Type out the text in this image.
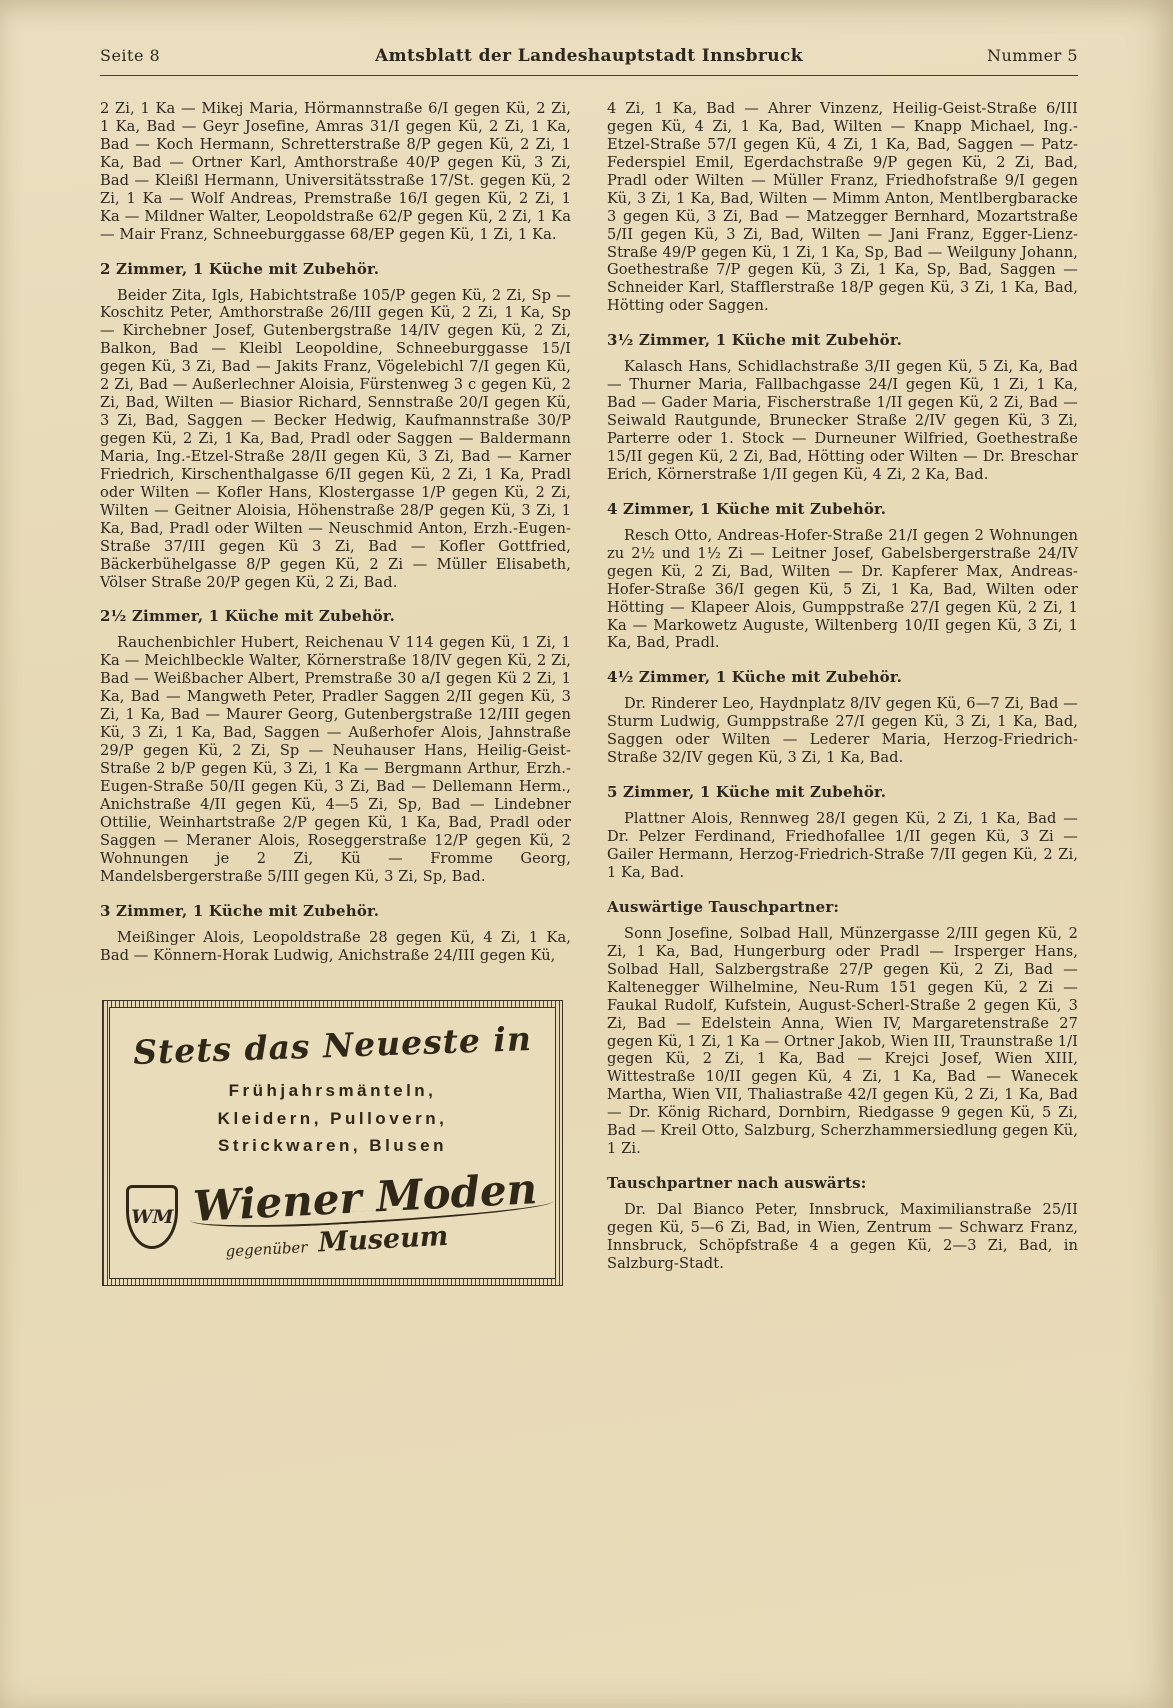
Seite 8	Amtsblatt der Landeshauptstadt Innsbruck	Nummer 5

2 Zi, 1 Ka — Mikej Maria, Hörmannstraße 6/I gegen Kü, 2 Zi, 1 Ka, Bad — Geyr Josefine, Amras 31/I gegen Kü, 2 Zi, 1 Ka, Bad — Koch Hermann, Schretterstraße 8/P gegen Kü, 2 Zi, 1 Ka, Bad — Ortner Karl, Amthorstraße 40/P gegen Kü, 3 Zi, Bad — Kleißl Hermann, Universitätsstraße 17/St. gegen Kü, 2 Zi, 1 Ka — Wolf Andreas, Premstraße 16/I gegen Kü, 2 Zi, 1 Ka — Mildner Walter, Leopoldstraße 62/P gegen Kü, 2 Zi, 1 Ka — Mair Franz, Schneeburggasse 68/EP gegen Kü, 1 Zi, 1 Ka.

2 Zimmer, 1 Küche mit Zubehör.

Beider Zita, Igls, Habichtstraße 105/P gegen Kü, 2 Zi, Sp — Koschitz Peter, Amthorstraße 26/III gegen Kü, 2 Zi, 1 Ka, Sp — Kirchebner Josef, Gutenbergstraße 14/IV gegen Kü, 2 Zi, Balkon, Bad — Kleibl Leopoldine, Schneeburggasse 15/I gegen Kü, 3 Zi, Bad — Jakits Franz, Vögelebichl 7/I gegen Kü, 2 Zi, Bad — Außerlechner Aloisia, Fürstenweg 3 c gegen Kü, 2 Zi, Bad, Wilten — Biasior Richard, Sennstraße 20/I gegen Kü, 3 Zi, Bad, Saggen — Becker Hedwig, Kaufmannstraße 30/P gegen Kü, 2 Zi, 1 Ka, Bad, Pradl oder Saggen — Baldermann Maria, Ing.-Etzel-Straße 28/II gegen Kü, 3 Zi, Bad — Karner Friedrich, Kirschenthalgasse 6/II gegen Kü, 2 Zi, 1 Ka, Pradl oder Wilten — Kofler Hans, Klostergasse 1/P gegen Kü, 2 Zi, Wilten — Geitner Aloisia, Höhenstraße 28/P gegen Kü, 3 Zi, 1 Ka, Bad, Pradl oder Wilten — Neuschmid Anton, Erzh.-Eugen-Straße 37/III gegen Kü 3 Zi, Bad — Kofler Gottfried, Bäckerbühelgasse 8/P gegen Kü, 2 Zi — Müller Elisabeth, Völser Straße 20/P gegen Kü, 2 Zi, Bad.

2½ Zimmer, 1 Küche mit Zubehör.

Rauchenbichler Hubert, Reichenau V 114 gegen Kü, 1 Zi, 1 Ka — Meichlbeckle Walter, Körnerstraße 18/IV gegen Kü, 2 Zi, Bad — Weißbacher Albert, Premstraße 30 a/I gegen Kü 2 Zi, 1 Ka, Bad — Mangweth Peter, Pradler Saggen 2/II gegen Kü, 3 Zi, 1 Ka, Bad — Maurer Georg, Gutenbergstraße 12/III gegen Kü, 3 Zi, 1 Ka, Bad, Saggen — Außerhofer Alois, Jahnstraße 29/P gegen Kü, 2 Zi, Sp — Neuhauser Hans, Heilig-Geist-Straße 2 b/P gegen Kü, 3 Zi, 1 Ka — Bergmann Arthur, Erzh.-Eugen-Straße 50/II gegen Kü, 3 Zi, Bad — Dellemann Herm., Anichstraße 4/II gegen Kü, 4—5 Zi, Sp, Bad — Lindebner Ottilie, Weinhartstraße 2/P gegen Kü, 1 Ka, Bad, Pradl oder Saggen — Meraner Alois, Roseggerstraße 12/P gegen Kü, 2 Wohnungen je 2 Zi, Kü — Fromme Georg, Mandelsbergerstraße 5/III gegen Kü, 3 Zi, Sp, Bad.

3 Zimmer, 1 Küche mit Zubehör.

Meißinger Alois, Leopoldstraße 28 gegen Kü, 4 Zi, 1 Ka, Bad — Könnern-Horak Ludwig, Anichstraße 24/III gegen Kü,

Stets das Neueste in
Frühjahrsmänteln,
Kleidern, Pullovern,
Strickwaren, Blusen
WM Wiener Moden
gegenüber Museum

4 Zi, 1 Ka, Bad — Ahrer Vinzenz, Heilig-Geist-Straße 6/III gegen Kü, 4 Zi, 1 Ka, Bad, Wilten — Knapp Michael, Ing.-Etzel-Straße 57/I gegen Kü, 4 Zi, 1 Ka, Bad, Saggen — Patz-Federspiel Emil, Egerdachstraße 9/P gegen Kü, 2 Zi, Bad, Pradl oder Wilten — Müller Franz, Friedhofstraße 9/I gegen Kü, 3 Zi, 1 Ka, Bad, Wilten — Mimm Anton, Mentlbergbaracke 3 gegen Kü, 3 Zi, Bad — Matzegger Bernhard, Mozartstraße 5/II gegen Kü, 3 Zi, Bad, Wilten — Jani Franz, Egger-Lienz-Straße 49/P gegen Kü, 1 Zi, 1 Ka, Sp, Bad — Weilguny Johann, Goethestraße 7/P gegen Kü, 3 Zi, 1 Ka, Sp, Bad, Saggen — Schneider Karl, Stafflerstraße 18/P gegen Kü, 3 Zi, 1 Ka, Bad, Hötting oder Saggen.

3½ Zimmer, 1 Küche mit Zubehör.

Kalasch Hans, Schidlachstraße 3/II gegen Kü, 5 Zi, Ka, Bad — Thurner Maria, Fallbachgasse 24/I gegen Kü, 1 Zi, 1 Ka, Bad — Gader Maria, Fischerstraße 1/II gegen Kü, 2 Zi, Bad — Seiwald Rautgunde, Brunecker Straße 2/IV gegen Kü, 3 Zi, Parterre oder 1. Stock — Durneuner Wilfried, Goethestraße 15/II gegen Kü, 2 Zi, Bad, Hötting oder Wilten — Dr. Breschar Erich, Körnerstraße 1/II gegen Kü, 4 Zi, 2 Ka, Bad.

4 Zimmer, 1 Küche mit Zubehör.

Resch Otto, Andreas-Hofer-Straße 21/I gegen 2 Wohnungen zu 2½ und 1½ Zi — Leitner Josef, Gabelsbergerstraße 24/IV gegen Kü, 2 Zi, Bad, Wilten — Dr. Kapferer Max, Andreas-Hofer-Straße 36/I gegen Kü, 5 Zi, 1 Ka, Bad, Wilten oder Hötting — Klapeer Alois, Gumppstraße 27/I gegen Kü, 2 Zi, 1 Ka — Markowetz Auguste, Wiltenberg 10/II gegen Kü, 3 Zi, 1 Ka, Bad, Pradl.

4½ Zimmer, 1 Küche mit Zubehör.

Dr. Rinderer Leo, Haydnplatz 8/IV gegen Kü, 6—7 Zi, Bad — Sturm Ludwig, Gumppstraße 27/I gegen Kü, 3 Zi, 1 Ka, Bad, Saggen oder Wilten — Lederer Maria, Herzog-Friedrich-Straße 32/IV gegen Kü, 3 Zi, 1 Ka, Bad.

5 Zimmer, 1 Küche mit Zubehör.

Plattner Alois, Rennweg 28/I gegen Kü, 2 Zi, 1 Ka, Bad — Dr. Pelzer Ferdinand, Friedhofallee 1/II gegen Kü, 3 Zi — Gailer Hermann, Herzog-Friedrich-Straße 7/II gegen Kü, 2 Zi, 1 Ka, Bad.

Auswärtige Tauschpartner:

Sonn Josefine, Solbad Hall, Münzergasse 2/III gegen Kü, 2 Zi, 1 Ka, Bad, Hungerburg oder Pradl — Irsperger Hans, Solbad Hall, Salzbergstraße 27/P gegen Kü, 2 Zi, Bad — Kaltenegger Wilhelmine, Neu-Rum 151 gegen Kü, 2 Zi — Faukal Rudolf, Kufstein, August-Scherl-Straße 2 gegen Kü, 3 Zi, Bad — Edelstein Anna, Wien IV, Margaretenstraße 27 gegen Kü, 1 Zi, 1 Ka — Ortner Jakob, Wien III, Traunstraße 1/I gegen Kü, 2 Zi, 1 Ka, Bad — Krejci Josef, Wien XIII, Wittestraße 10/II gegen Kü, 4 Zi, 1 Ka, Bad — Wanecek Martha, Wien VII, Thaliastraße 42/I gegen Kü, 2 Zi, 1 Ka, Bad — Dr. König Richard, Dornbirn, Riedgasse 9 gegen Kü, 5 Zi, Bad — Kreil Otto, Salzburg, Scherzhammersiedlung gegen Kü, 1 Zi.

Tauschpartner nach auswärts:

Dr. Dal Bianco Peter, Innsbruck, Maximilianstraße 25/II gegen Kü, 5—6 Zi, Bad, in Wien, Zentrum — Schwarz Franz, Innsbruck, Schöpfstraße 4 a gegen Kü, 2—3 Zi, Bad, in Salzburg-Stadt.
